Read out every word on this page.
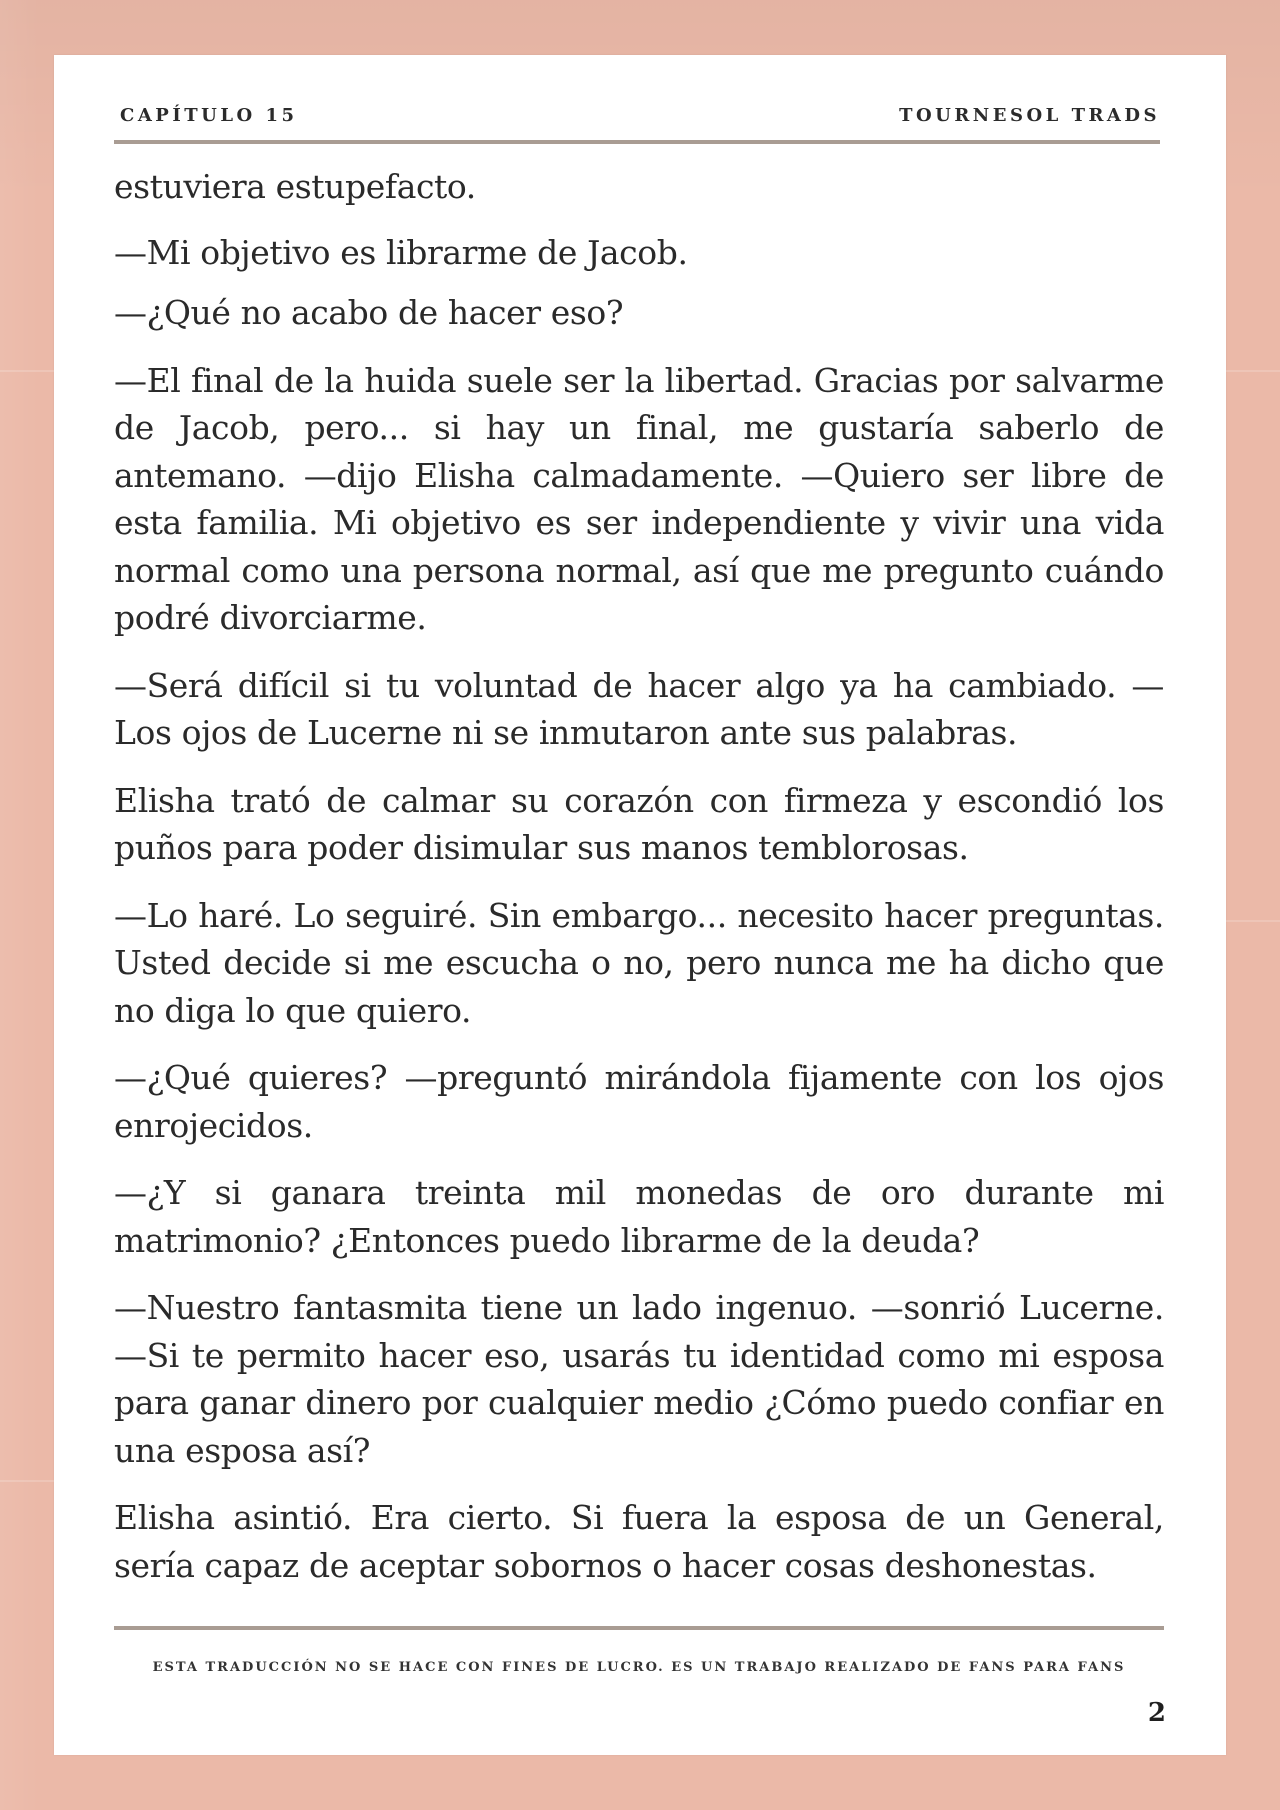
CAPÍTULO 15	TOURNESOL TRADS

estuviera estupefacto.

—Mi objetivo es librarme de Jacob.

—¿Qué no acabo de hacer eso?

—El final de la huida suele ser la libertad. Gracias por salvarme de Jacob, pero... si hay un final, me gustaría saberlo de antemano. —dijo Elisha calmadamente. —Quiero ser libre de esta familia. Mi objetivo es ser independiente y vivir una vida normal como una persona normal, así que me pregunto cuándo podré divorciarme.

—Será difícil si tu voluntad de hacer algo ya ha cambiado. —Los ojos de Lucerne ni se inmutaron ante sus palabras.

Elisha trató de calmar su corazón con firmeza y escondió los puños para poder disimular sus manos temblorosas.

—Lo haré. Lo seguiré. Sin embargo... necesito hacer preguntas. Usted decide si me escucha o no, pero nunca me ha dicho que no diga lo que quiero.

—¿Qué quieres? —preguntó mirándola fijamente con los ojos enrojecidos.

—¿Y si ganara treinta mil monedas de oro durante mi matrimonio? ¿Entonces puedo librarme de la deuda?

—Nuestro fantasmita tiene un lado ingenuo. —sonrió Lucerne. —Si te permito hacer eso, usarás tu identidad como mi esposa para ganar dinero por cualquier medio ¿Cómo puedo confiar en una esposa así?

Elisha asintió. Era cierto. Si fuera la esposa de un General, sería capaz de aceptar sobornos o hacer cosas deshonestas.

ESTA TRADUCCIÓN NO SE HACE CON FINES DE LUCRO. ES UN TRABAJO REALIZADO DE FANS PARA FANS
2
